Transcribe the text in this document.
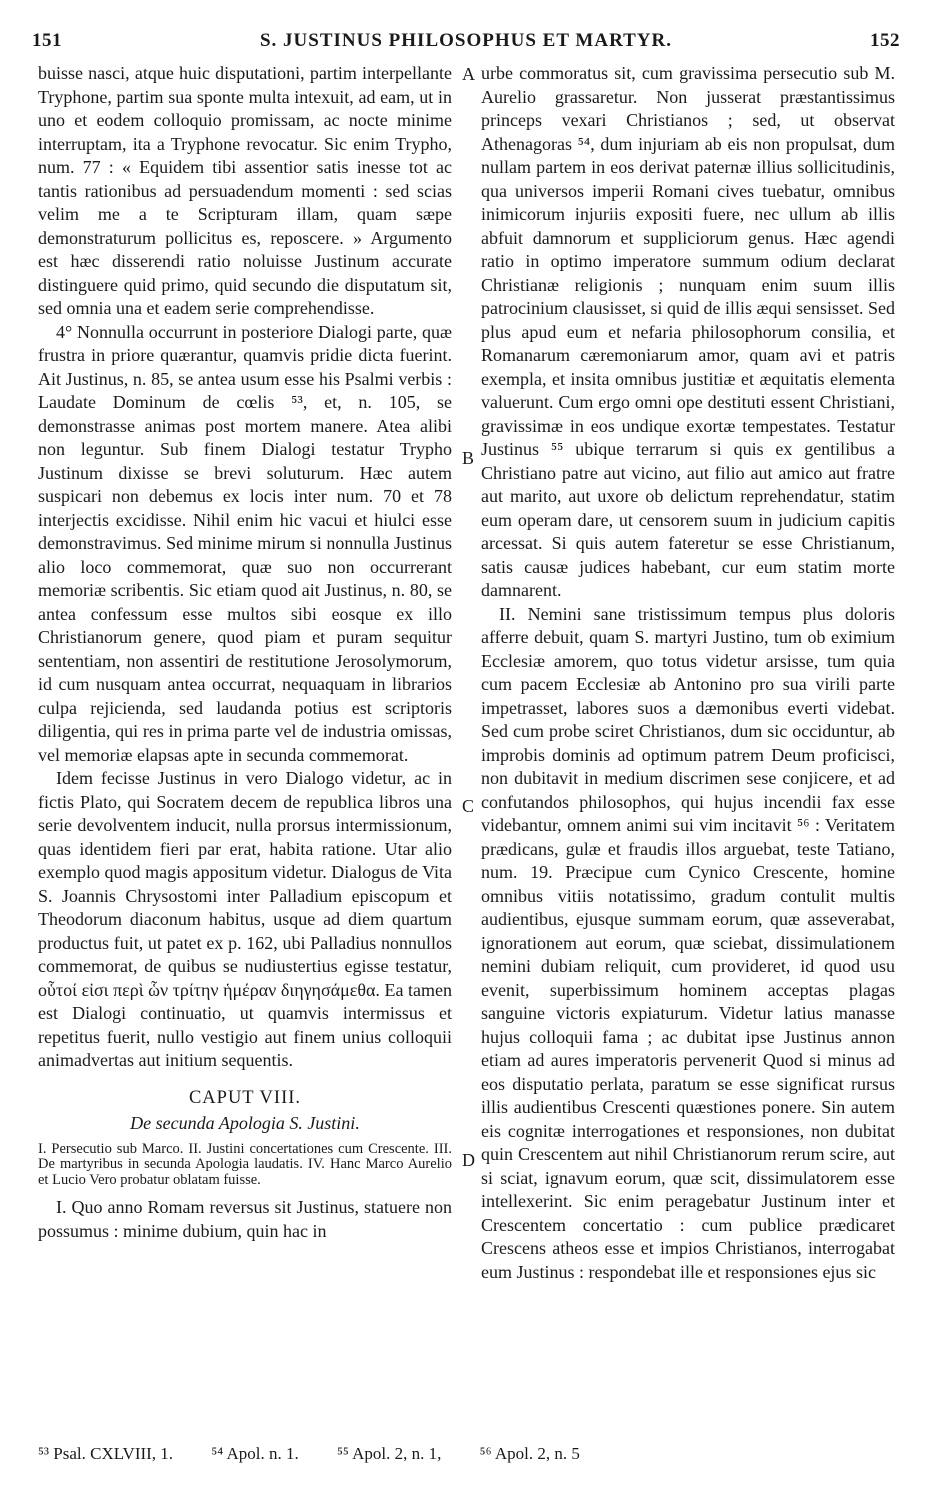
151	S. JUSTINUS PHILOSOPHUS ET MARTYR.	152

buisse nasci, atque huic disputationi, partim interpellante Tryphone, partim sua sponte multa intexuit, ad eam, ut in uno et eodem colloquio promissam, ac nocte minime interruptam, ita a Tryphone revocatur. Sic enim Trypho, num. 77 : « Equidem tibi assentior satis inesse tot ac tantis rationibus ad persuadendum momenti : sed scias velim me a te Scripturam illam, quam sæpe demonstraturum pollicitus es, reposcere. » Argumento est hæc disserendi ratio noluisse Justinum accurate distinguere quid primo, quid secundo die disputatum sit, sed omnia una et eadem serie comprehendisse.

4° Nonnulla occurrunt in posteriore Dialogi parte, quæ frustra in priore quærantur, quamvis pridie dicta fuerint. Ait Justinus, n. 85, se antea usum esse his Psalmi verbis : Laudate Dominum de cœlis ⁵³, et, n. 105, se demonstrasse animas post mortem manere. Atea alibi non leguntur. Sub finem Dialogi testatur Trypho Justinum dixisse se brevi soluturum. Hæc autem suspicari non debemus ex locis inter num. 70 et 78 interjectis excidisse. Nihil enim hic vacui et hiulci esse demonstravimus. Sed minime mirum si nonnulla Justinus alio loco commemorat, quæ suo non occurrerant memoriæ scribentis. Sic etiam quod ait Justinus, n. 80, se antea confessum esse multos sibi eosque ex illo Christianorum genere, quod piam et puram sequitur sententiam, non assentiri de restitutione Jerosolymorum, id cum nusquam antea occurrat, nequaquam in librarios culpa rejicienda, sed laudanda potius est scriptoris diligentia, qui res in prima parte vel de industria omissas, vel memoriæ elapsas apte in secunda commemorat.

Idem fecisse Justinus in vero Dialogo videtur, ac in fictis Plato, qui Socratem decem de republica libros una serie devolventem inducit, nulla prorsus intermissionum, quas identidem fieri par erat, habita ratione. Utar alio exemplo quod magis appositum videtur. Dialogus de Vita S. Joannis Chrysostomi inter Palladium episcopum et Theodorum diaconum habitus, usque ad diem quartum productus fuit, ut patet ex p. 162, ubi Palladius nonnullos commemorat, de quibus se nudiustertius egisse testatur, οὗτοί εἰσι περὶ ὧν τρίτην ἡμέραν διηγησάμεθα. Ea tamen est Dialogi continuatio, ut quamvis intermissus et repetitus fuerit, nullo vestigio aut finem unius colloquii animadvertas aut initium sequentis.

CAPUT VIII.
De secunda Apologia S. Justini.
I. Persecutio sub Marco. II. Justini concertationes cum Crescente. III. De martyribus in secunda Apologia laudatis. IV. Hanc Marco Aurelio et Lucio Vero probatur oblatam fuisse.

I. Quo anno Romam reversus sit Justinus, statuere non possumus : minime dubium, quin hac in

A
B
C
D

urbe commoratus sit, cum gravissima persecutio sub M. Aurelio grassaretur. Non jusserat præstantissimus princeps vexari Christianos ; sed, ut observat Athenagoras ⁵⁴, dum injuriam ab eis non propulsat, dum nullam partem in eos derivat paternæ illius sollicitudinis, qua universos imperii Romani cives tuebatur, omnibus inimicorum injuriis expositi fuere, nec ullum ab illis abfuit damnorum et suppliciorum genus. Hæc agendi ratio in optimo imperatore summum odium declarat Christianæ religionis ; nunquam enim suum illis patrocinium clausisset, si quid de illis æqui sensisset. Sed plus apud eum et nefaria philosophorum consilia, et Romanarum cæremoniarum amor, quam avi et patris exempla, et insita omnibus justitiæ et æquitatis elementa valuerunt. Cum ergo omni ope destituti essent Christiani, gravissimæ in eos undique exortæ tempestates. Testatur Justinus ⁵⁵ ubique terrarum si quis ex gentilibus a Christiano patre aut vicino, aut filio aut amico aut fratre aut marito, aut uxore ob delictum reprehendatur, statim eum operam dare, ut censorem suum in judicium capitis arcessat. Si quis autem fateretur se esse Christianum, satis causæ judices habebant, cur eum statim morte damnarent.

II. Nemini sane tristissimum tempus plus doloris afferre debuit, quam S. martyri Justino, tum ob eximium Ecclesiæ amorem, quo totus videtur arsisse, tum quia cum pacem Ecclesiæ ab Antonino pro sua virili parte impetrasset, labores suos a dæmonibus everti videbat. Sed cum probe sciret Christianos, dum sic occiduntur, ab improbis dominis ad optimum patrem Deum proficisci, non dubitavit in medium discrimen sese conjicere, et ad confutandos philosophos, qui hujus incendii fax esse videbantur, omnem animi sui vim incitavit ⁵⁶ : Veritatem prædicans, gulæ et fraudis illos arguebat, teste Tatiano, num. 19. Præcipue cum Cynico Crescente, homine omnibus vitiis notatissimo, gradum contulit multis audientibus, ejusque summam eorum, quæ asseverabat, ignorationem aut eorum, quæ sciebat, dissimulationem nemini dubiam reliquit, cum provideret, id quod usu evenit, superbissimum hominem acceptas plagas sanguine victoris expiaturum. Videtur latius manasse hujus colloquii fama ; ac dubitat ipse Justinus annon etiam ad aures imperatoris pervenerit Quod si minus ad eos disputatio perlata, paratum se esse significat rursus illis audientibus Crescenti quæstiones ponere. Sin autem eis cognitæ interrogationes et responsiones, non dubitat quin Crescentem aut nihil Christianorum rerum scire, aut si sciat, ignavum eorum, quæ scit, dissimulatorem esse intellexerint. Sic enim peragebatur Justinum inter et Crescentem concertatio : cum publice prædicaret Crescens atheos esse et impios Christianos, interrogabat eum Justinus : respondebat ille et responsiones ejus sic

⁵³ Psal. CXLVIII, 1. ⁵⁴ Apol. n. 1. ⁵⁵ Apol. 2, n. 1, ⁵⁶ Apol. 2, n. 5
